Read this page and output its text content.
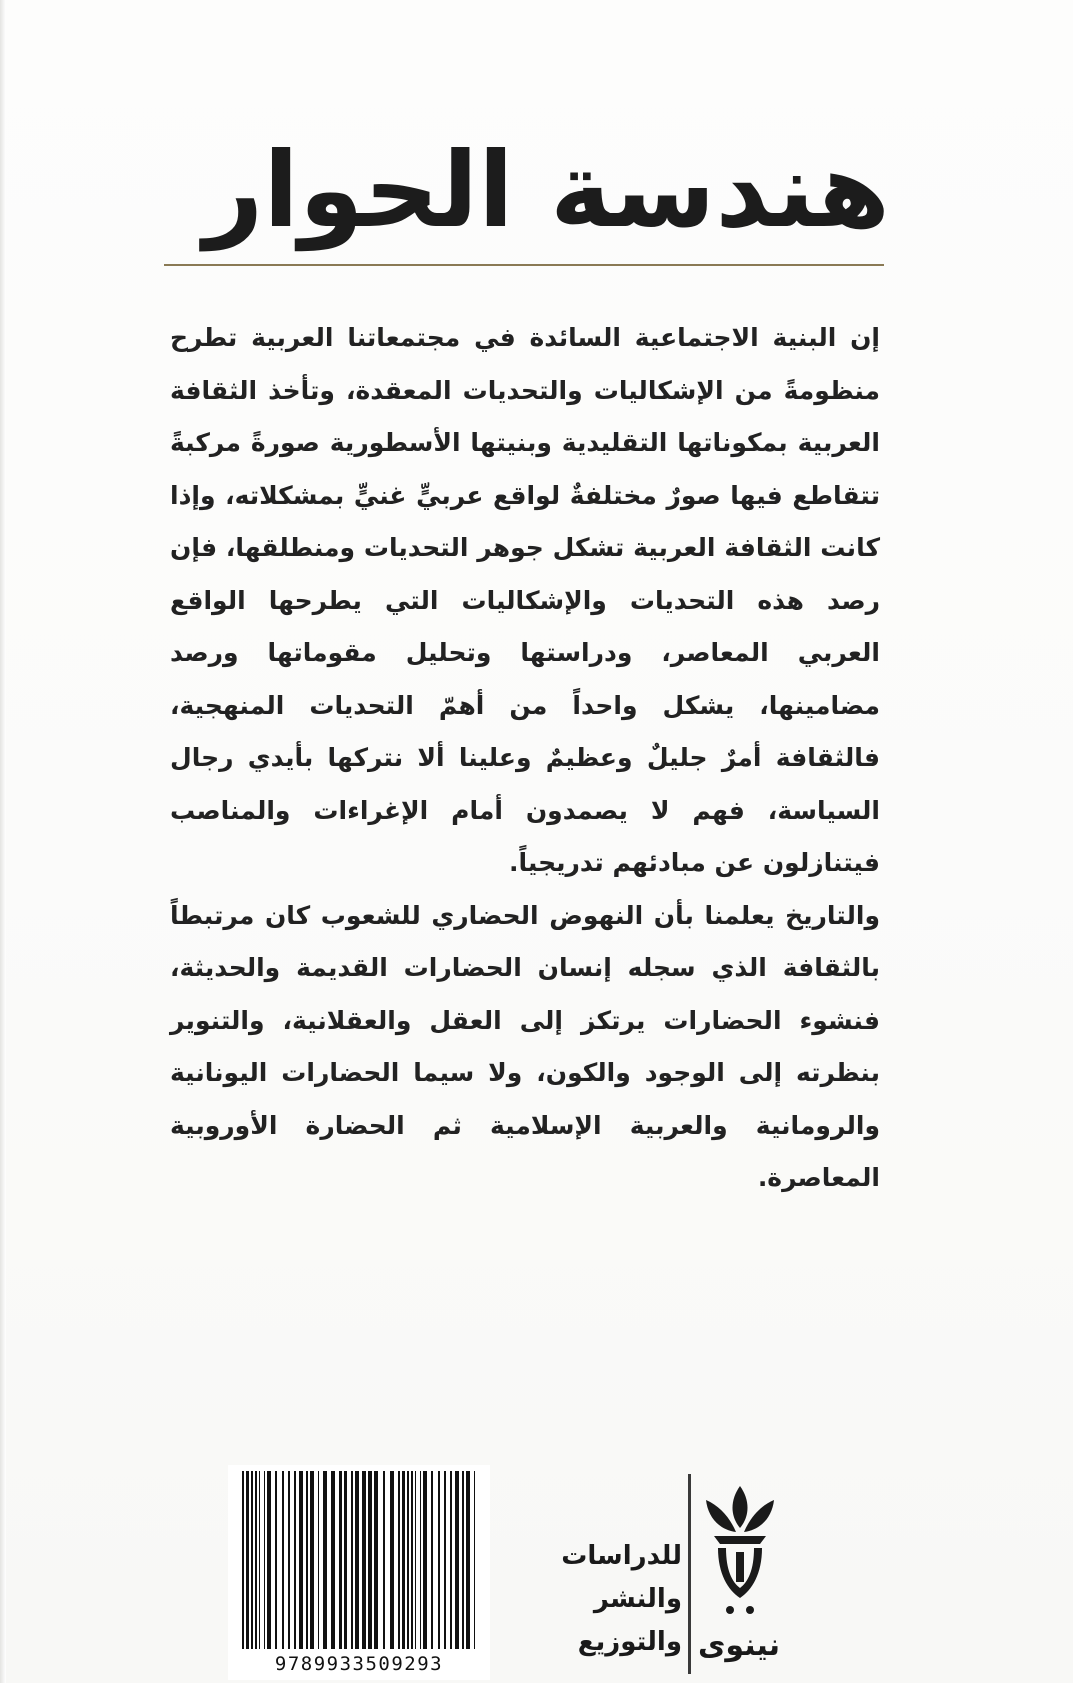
هندسة الحوار

إن البنية الاجتماعية السائدة في مجتمعاتنا العربية تطرح منظومةً من الإشكاليات والتحديات المعقدة، وتأخذ الثقافة العربية بمكوناتها التقليدية وبنيتها الأسطورية صورةً مركبةً تتقاطع فيها صورٌ مختلفةٌ لواقع عربيٍّ غنيٍّ بمشكلاته، وإذا كانت الثقافة العربية تشكل جوهر التحديات ومنطلقها، فإن رصد هذه التحديات والإشكاليات التي يطرحها الواقع العربي المعاصر، ودراستها وتحليل مقوماتها ورصد مضامينها، يشكل واحداً من أهمّ التحديات المنهجية، فالثقافة أمرٌ جليلٌ وعظيمٌ وعلينا ألا نتركها بأيدي رجال السياسة، فهم لا يصمدون أمام الإغراءات والمناصب فيتنازلون عن مبادئهم تدريجياً.

والتاريخ يعلمنا بأن النهوض الحضاري للشعوب كان مرتبطاً بالثقافة الذي سجله إنسان الحضارات القديمة والحديثة، فنشوء الحضارات يرتكز إلى العقل والعقلانية، والتنوير بنظرته إلى الوجود والكون، ولا سيما الحضارات اليونانية والرومانية والعربية الإسلامية ثم الحضارة الأوروبية المعاصرة.

9789933509293
للدراسات
والنشر
والتوزيع نينوى
